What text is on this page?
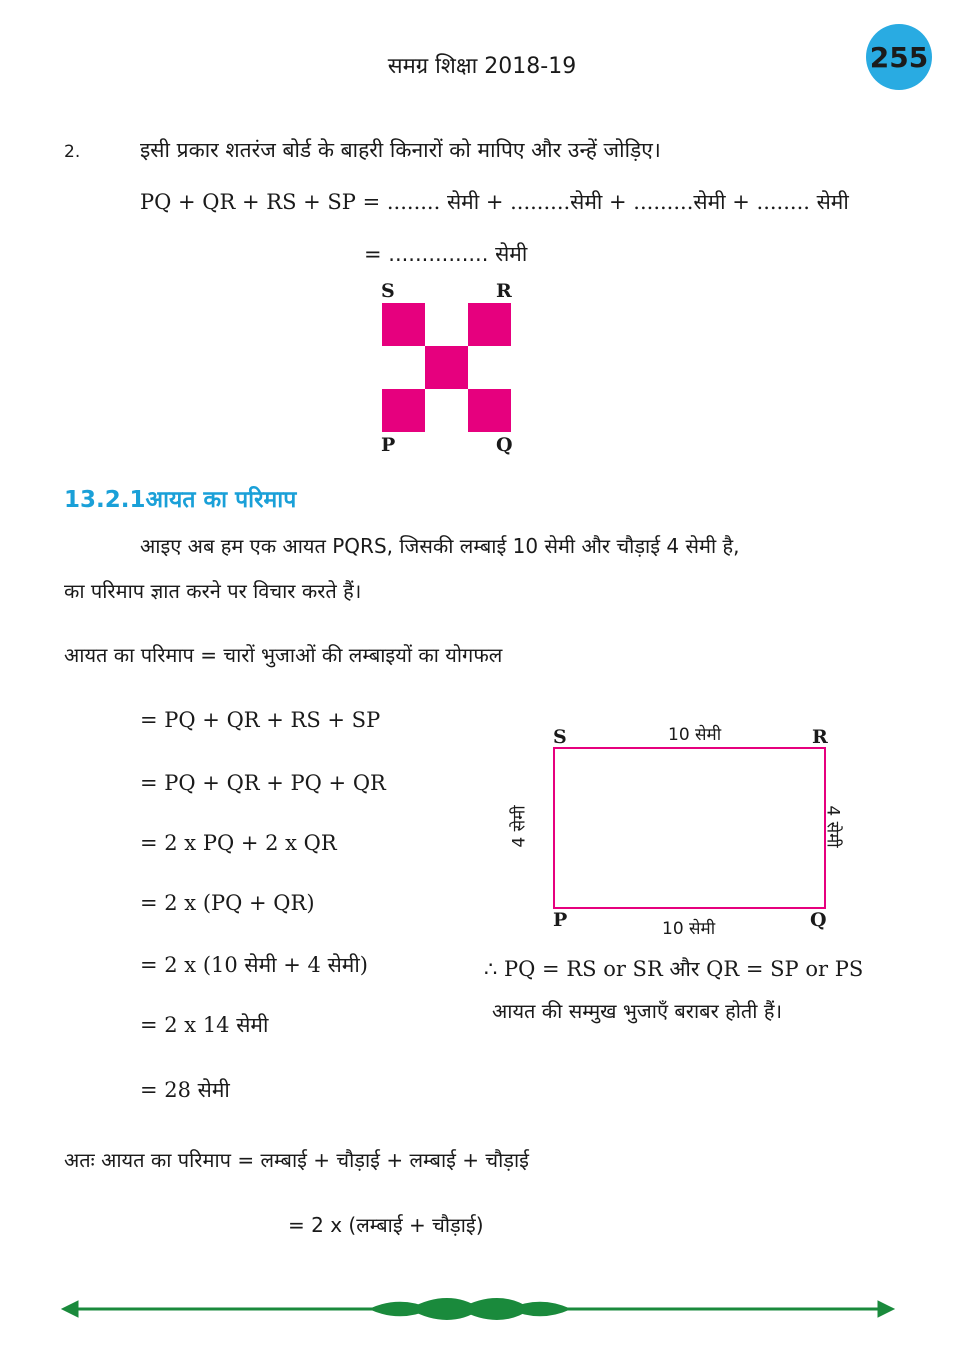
समग्र शिक्षा 2018-19	255
2.	इसी प्रकार शतरंज बोर्ड के बाहरी किनारों को मापिए और उन्हें जोड़िए।
PQ + QR + RS + SP = ........ सेमी + .........सेमी + .........सेमी + ........ सेमी
= ............... सेमी
S	R
P	Q
13.2.1आयत का परिमाप
आइए अब हम एक आयत PQRS, जिसकी लम्बाई 10 सेमी और चौड़ाई 4 सेमी है,
का परिमाप ज्ञात करने पर विचार करते हैं।
आयत का परिमाप = चारों भुजाओं की लम्बाइयों का योगफल
= PQ + QR + RS + SP
= PQ + QR + PQ + QR
= 2 x PQ + 2 x QR
= 2 x (PQ + QR)
= 2 x (10 सेमी + 4 सेमी)
= 2 x 14 सेमी
= 28 सेमी
S	R
P	Q
10 सेमी
10 सेमी
4 सेमी	4 सेमी
∴ PQ = RS or SR और QR = SP or PS
आयत की सम्मुख भुजाएँ बराबर होती हैं।
अतः आयत का परिमाप = लम्बाई + चौड़ाई + लम्बाई + चौड़ाई
= 2 x (लम्बाई + चौड़ाई)
